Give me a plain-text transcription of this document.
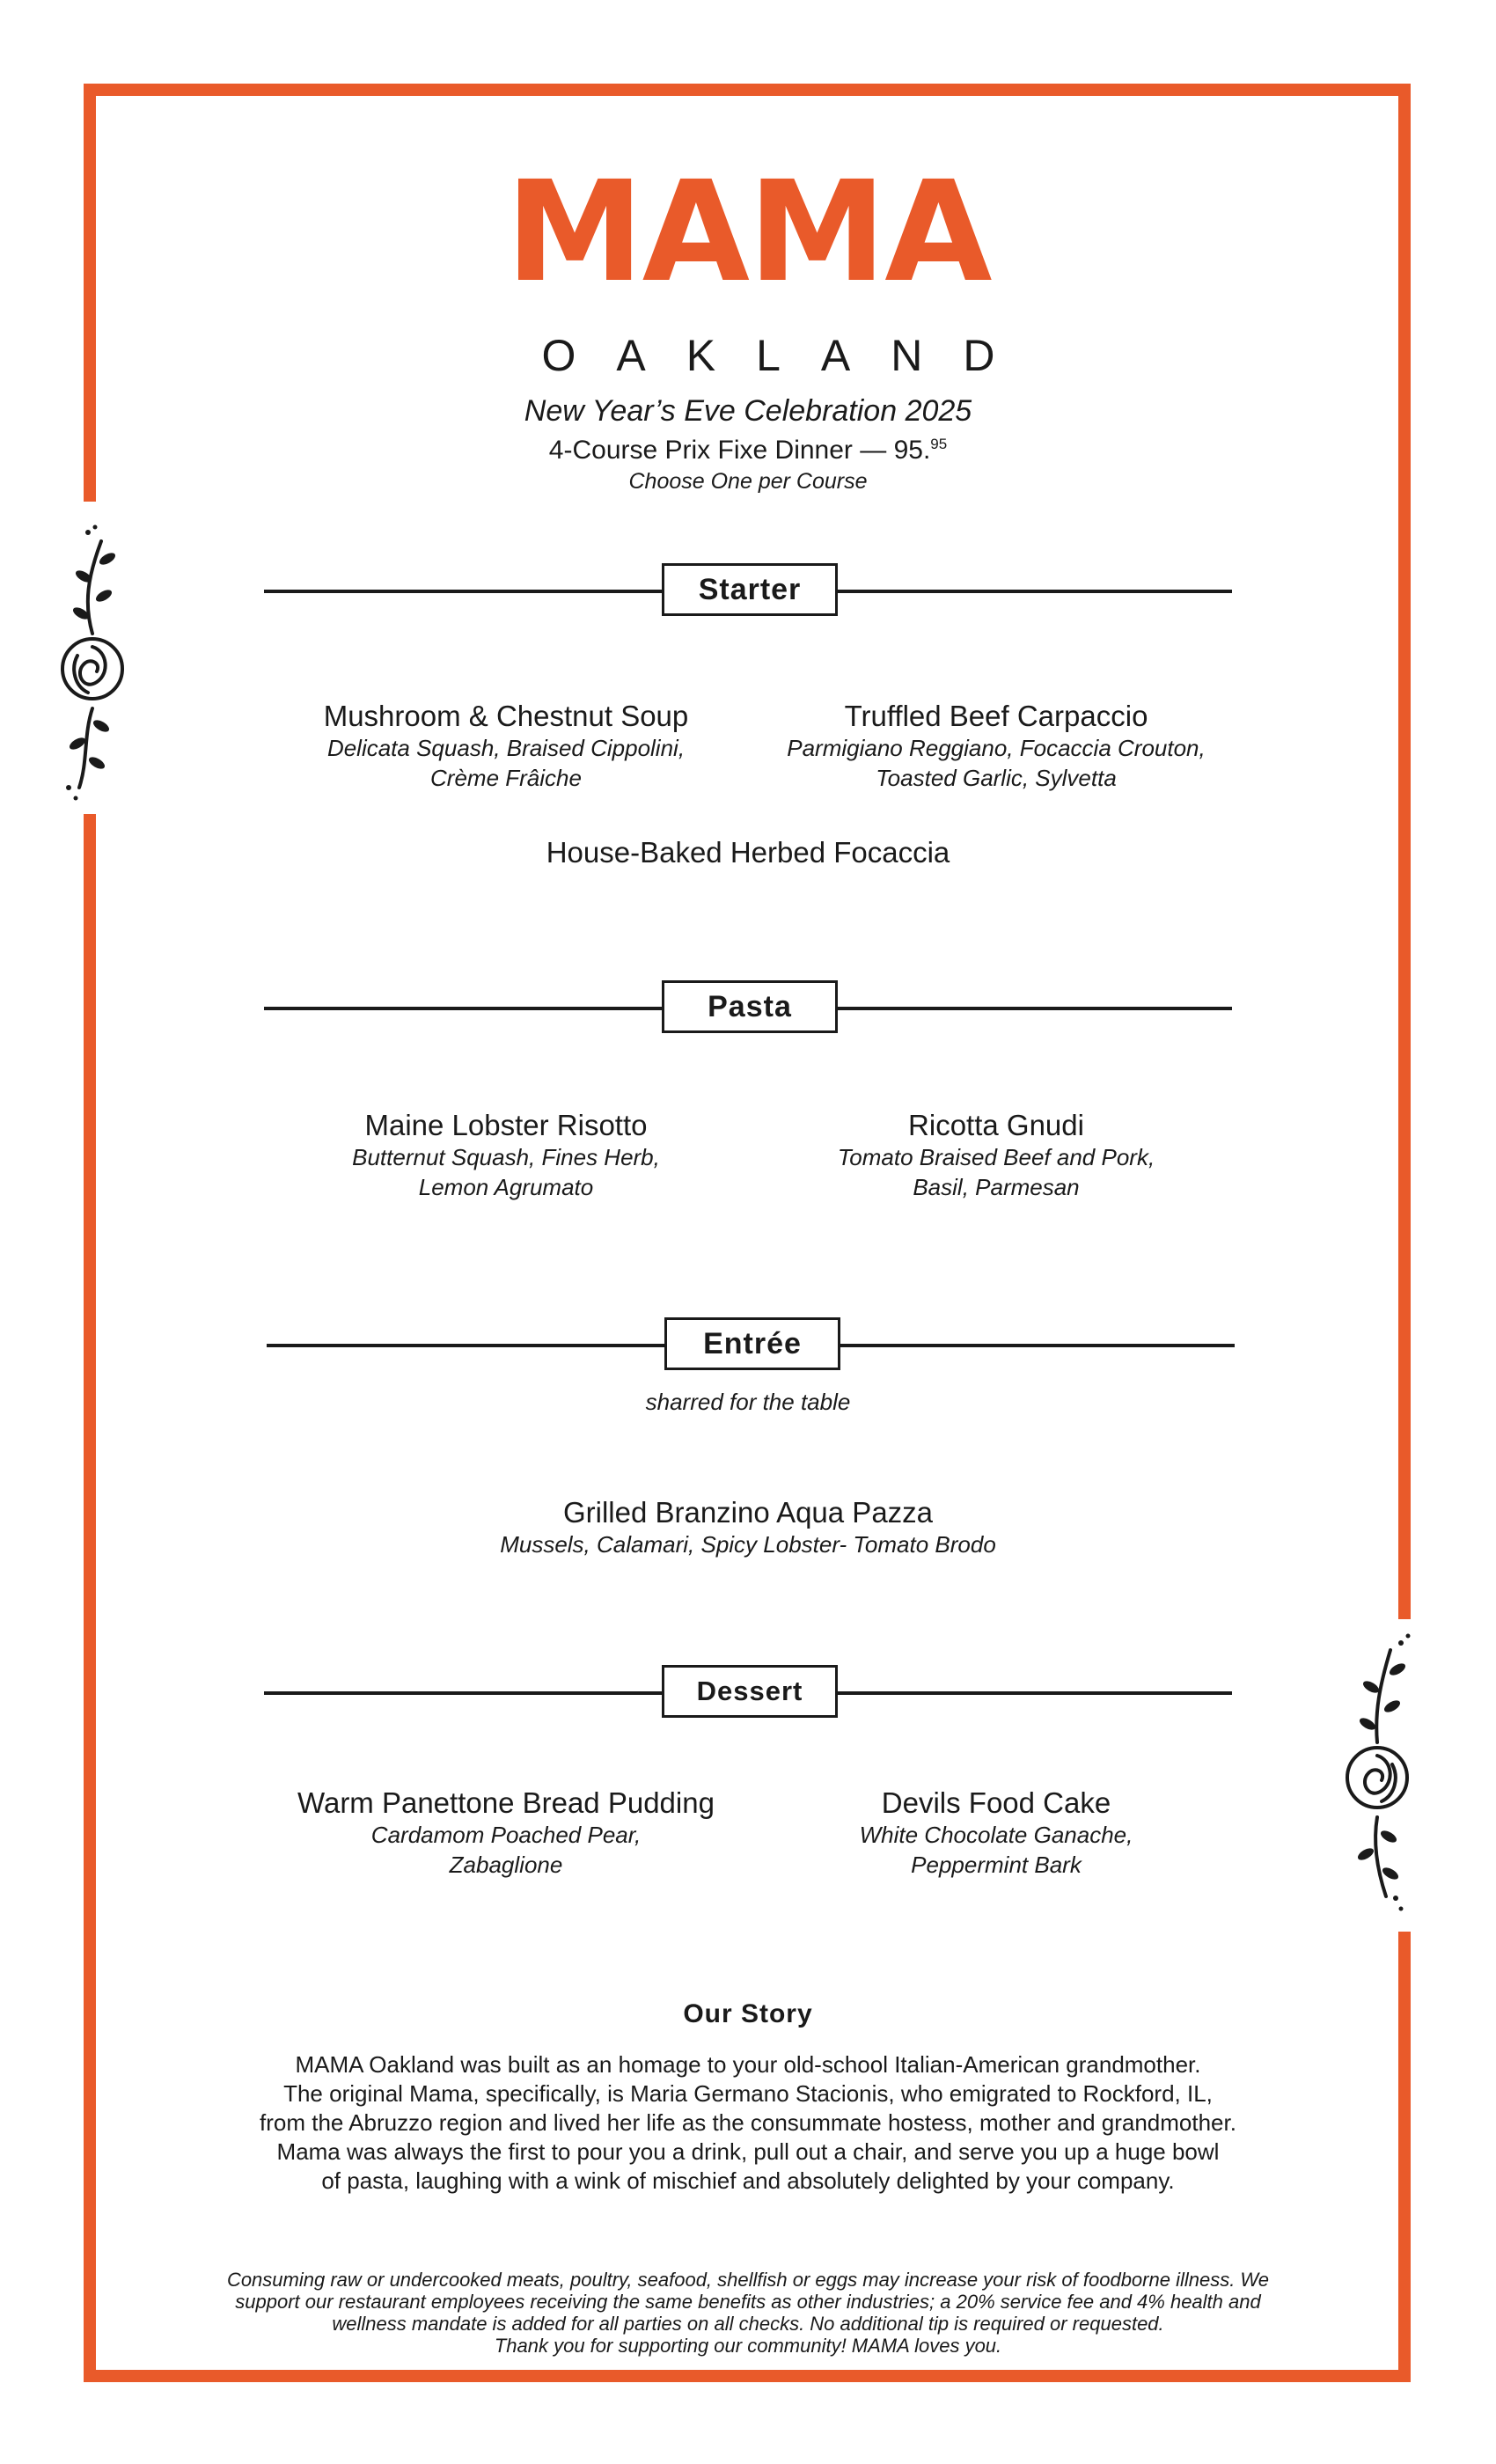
MAMA
OAKLAND
New Year’s Eve Celebration 2025
4-Course Prix Fixe Dinner — 95.95
Choose One per Course
Starter
Mushroom & Chestnut Soup
Delicata Squash, Braised Cippolini,
Crème Frâiche
Truffled Beef Carpaccio
Parmigiano Reggiano, Focaccia Crouton,
Toasted Garlic, Sylvetta
House-Baked Herbed Focaccia
Pasta
Maine Lobster Risotto
Butternut Squash, Fines Herb,
Lemon Agrumato
Ricotta Gnudi
Tomato Braised Beef and Pork,
Basil, Parmesan
Entrée
sharred for the table
Grilled Branzino Aqua Pazza
Mussels, Calamari, Spicy Lobster- Tomato Brodo
Dessert
Warm Panettone Bread Pudding
Cardamom Poached Pear,
Zabaglione
Devils Food Cake
White Chocolate Ganache,
Peppermint Bark
Our Story
MAMA Oakland was built as an homage to your old-school Italian-American grandmother.
The original Mama, specifically, is Maria Germano Stacionis, who emigrated to Rockford, IL,
from the Abruzzo region and lived her life as the consummate hostess, mother and grandmother.
Mama was always the first to pour you a drink, pull out a chair, and serve you up a huge bowl
of pasta, laughing with a wink of mischief and absolutely delighted by your company.
Consuming raw or undercooked meats, poultry, seafood, shellfish or eggs may increase your risk of foodborne illness. We
support our restaurant employees receiving the same benefits as other industries; a 20% service fee and 4% health and
wellness mandate is added for all parties on all checks. No additional tip is required or requested.
Thank you for supporting our community! MAMA loves you.
